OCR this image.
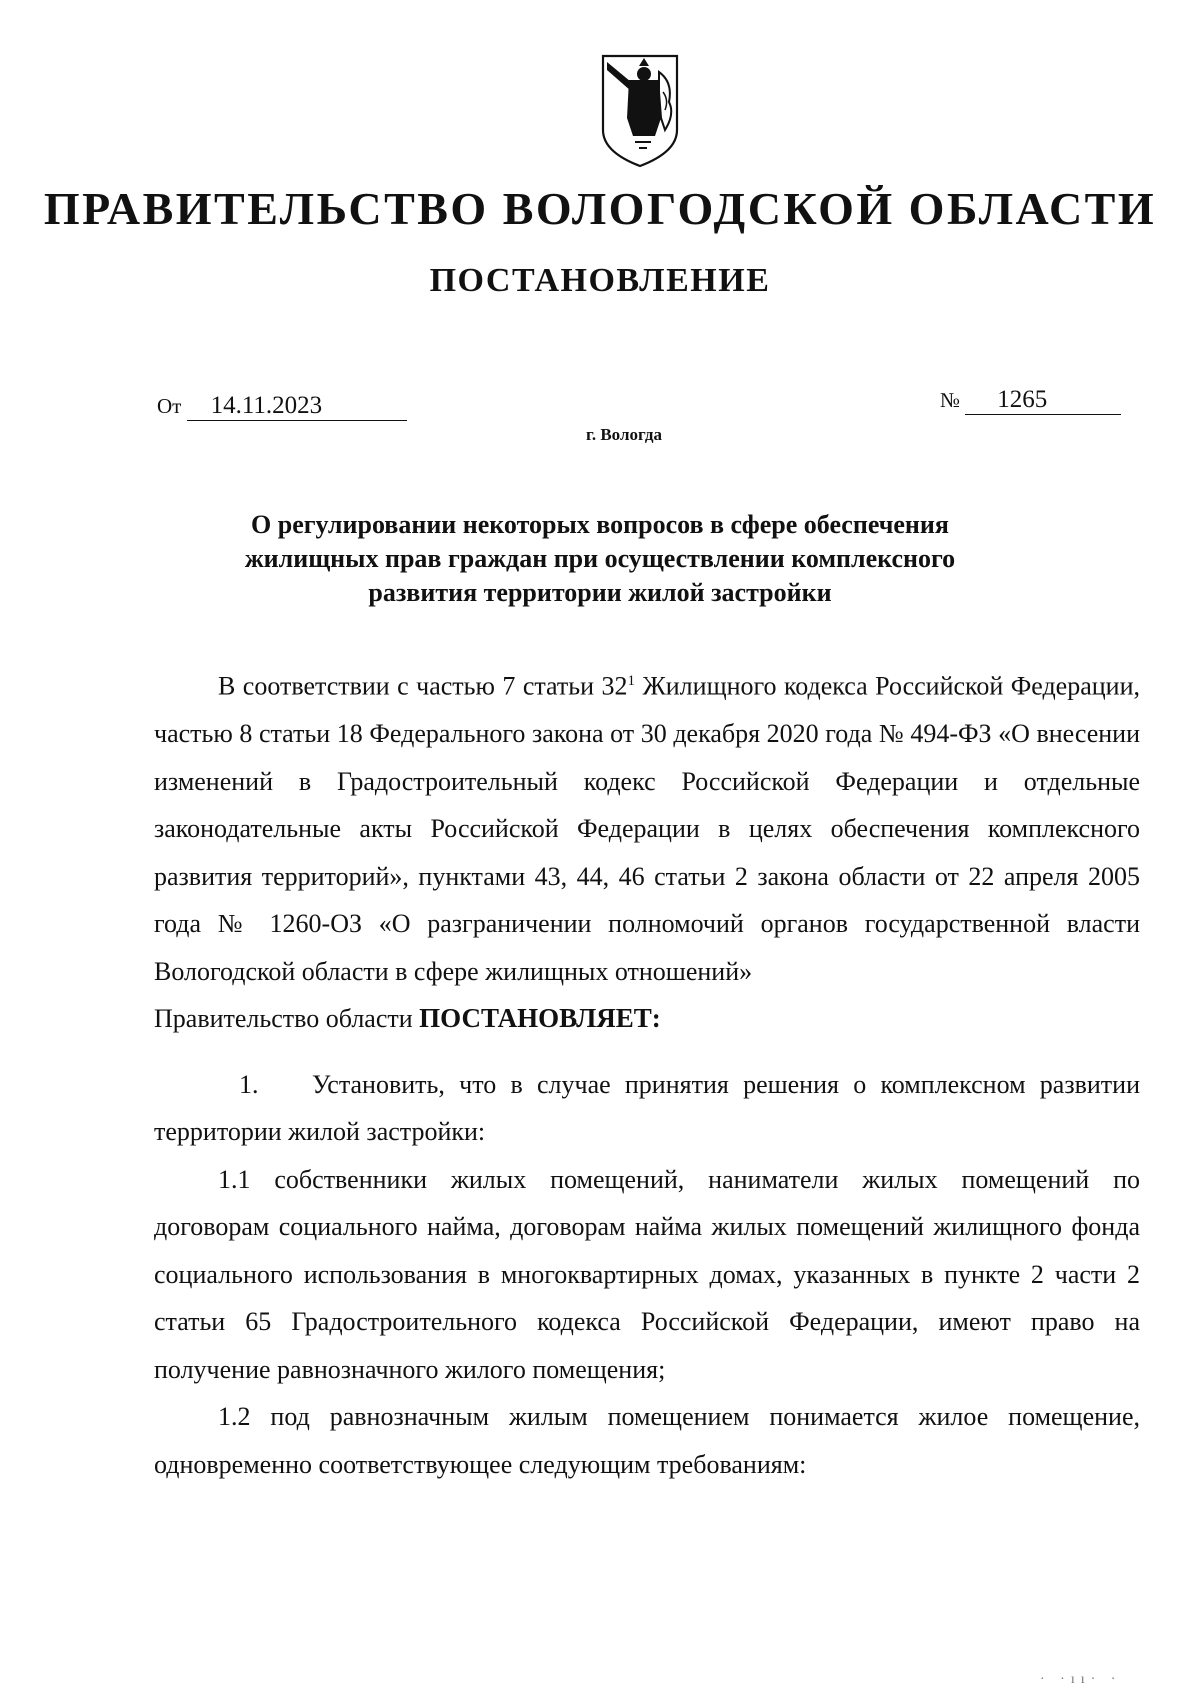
ПРАВИТЕЛЬСТВО ВОЛОГОДСКОЙ ОБЛАСТИ
ПОСТАНОВЛЕНИЕ
От 14.11.2023	№ 1265
г. Вологда
О регулировании некоторых вопросов в сфере обеспечения
жилищных прав граждан при осуществлении комплексного
развития территории жилой застройки

В соответствии с частью 7 статьи $32^1$ Жилищного кодекса Российской Федерации, частью 8 статьи 18 Федерального закона от 30 декабря 2020 года № 494-ФЗ «О внесении изменений в Градостроительный кодекс Российской Федерации и отдельные законодательные акты Российской Федерации в целях обеспечения комплексного развития территорий», пунктами 43, 44, 46 статьи 2 закона области от 22 апреля 2005 года № 1260-ОЗ «О разграничении полномочий органов государственной власти Вологодской области в сфере жилищных отношений»

Правительство области ПОСТАНОВЛЯЕТ:

1. Установить, что в случае принятия решения о комплексном развитии территории жилой застройки:

1.1 собственники жилых помещений, наниматели жилых помещений по договорам социального найма, договорам найма жилых помещений жилищного фонда социального использования в многоквартирных домах, указанных в пункте 2 части 2 статьи 65 Градостроительного кодекса Российской Федерации, имеют право на получение равнозначного жилого помещения;

1.2 под равнозначным жилым помещением понимается жилое помещение, одновременно соответствующее следующим требованиям:

· ·ıı· ·
